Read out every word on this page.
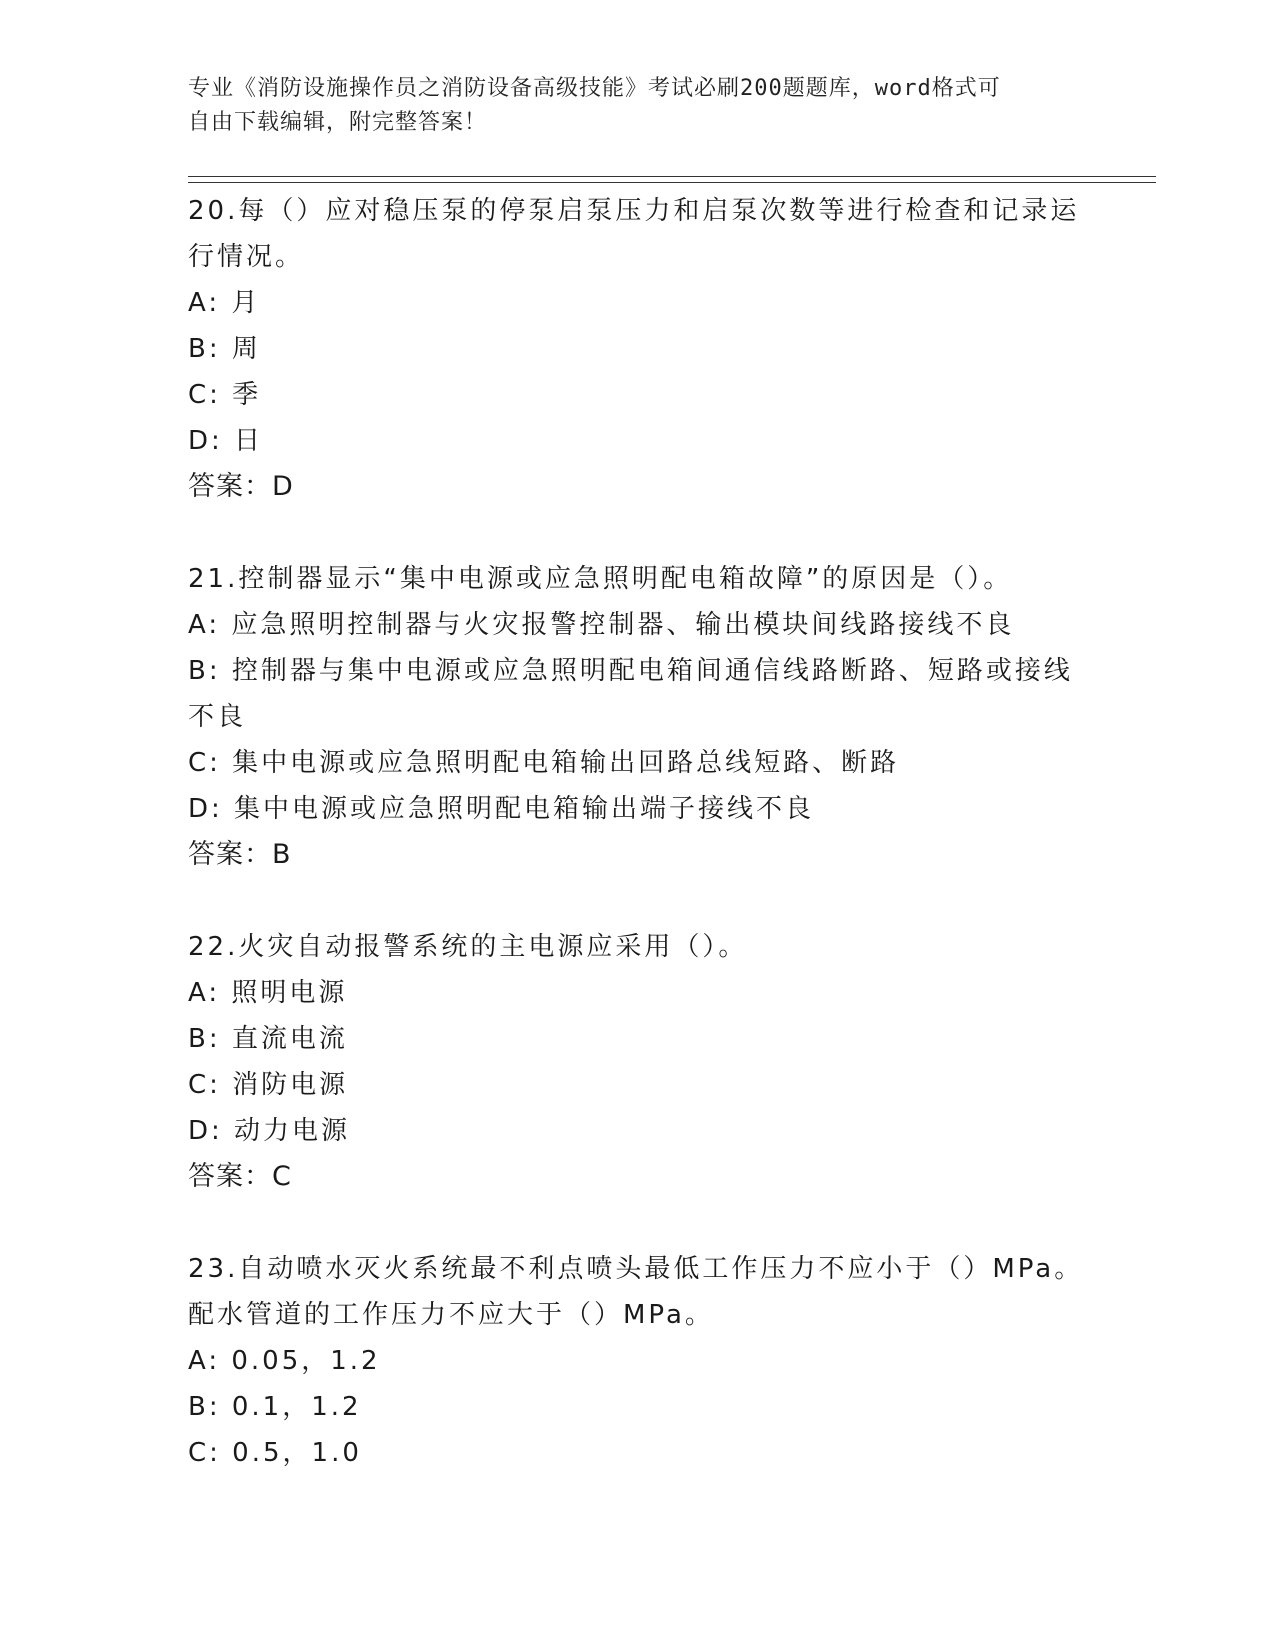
专业《消防设施操作员之消防设备高级技能》考试必刷200题题库，word格式可
自由下载编辑，附完整答案！
20.每（）应对稳压泵的停泵启泵压力和启泵次数等进行检查和记录运
行情况。
A: 月
B: 周
C: 季
D: 日
答案：D
21.控制器显示“集中电源或应急照明配电箱故障”的原因是（）。
A: 应急照明控制器与火灾报警控制器、输出模块间线路接线不良
B: 控制器与集中电源或应急照明配电箱间通信线路断路、短路或接线
不良
C: 集中电源或应急照明配电箱输出回路总线短路、断路
D: 集中电源或应急照明配电箱输出端子接线不良
答案：B
22.火灾自动报警系统的主电源应采用（）。
A: 照明电源
B: 直流电流
C: 消防电源
D: 动力电源
答案：C
23.自动喷水灭火系统最不利点喷头最低工作压力不应小于（）MPa。
配水管道的工作压力不应大于（）MPa。
A: 0.05，1.2
B: 0.1，1.2
C: 0.5，1.0
